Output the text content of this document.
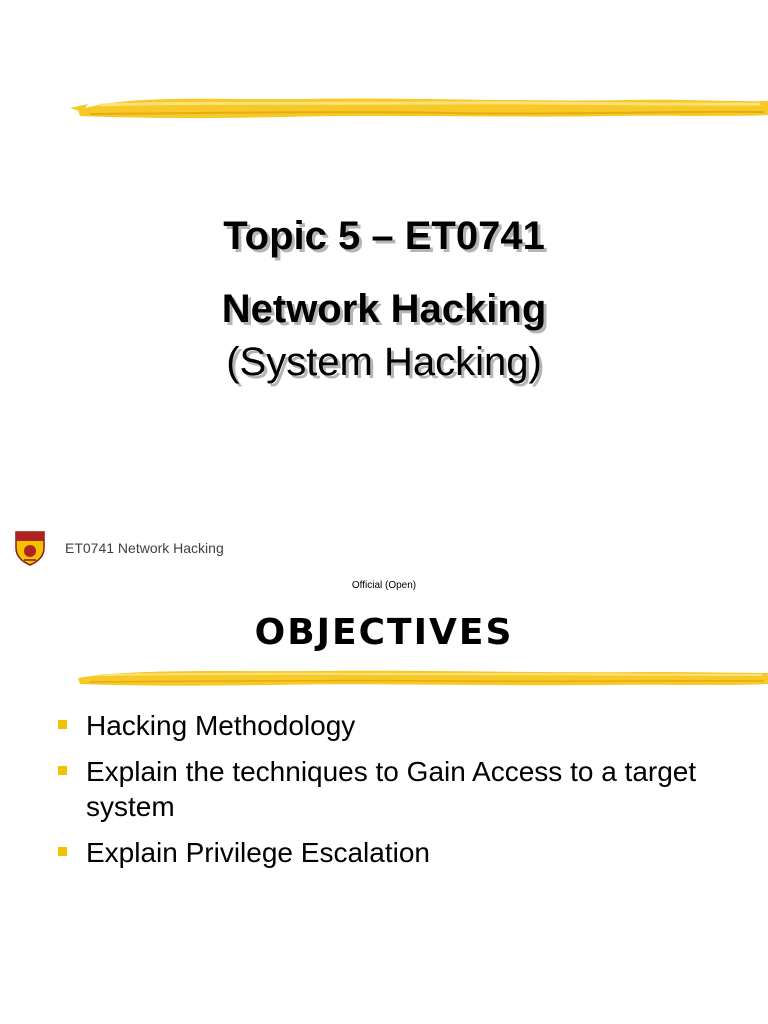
Topic 5 – ET0741
Network Hacking
(System Hacking)
ET0741 Network Hacking
Official (Open)
OBJECTIVES
Hacking Methodology
Explain the techniques to Gain Access to a target system
Explain Privilege Escalation
